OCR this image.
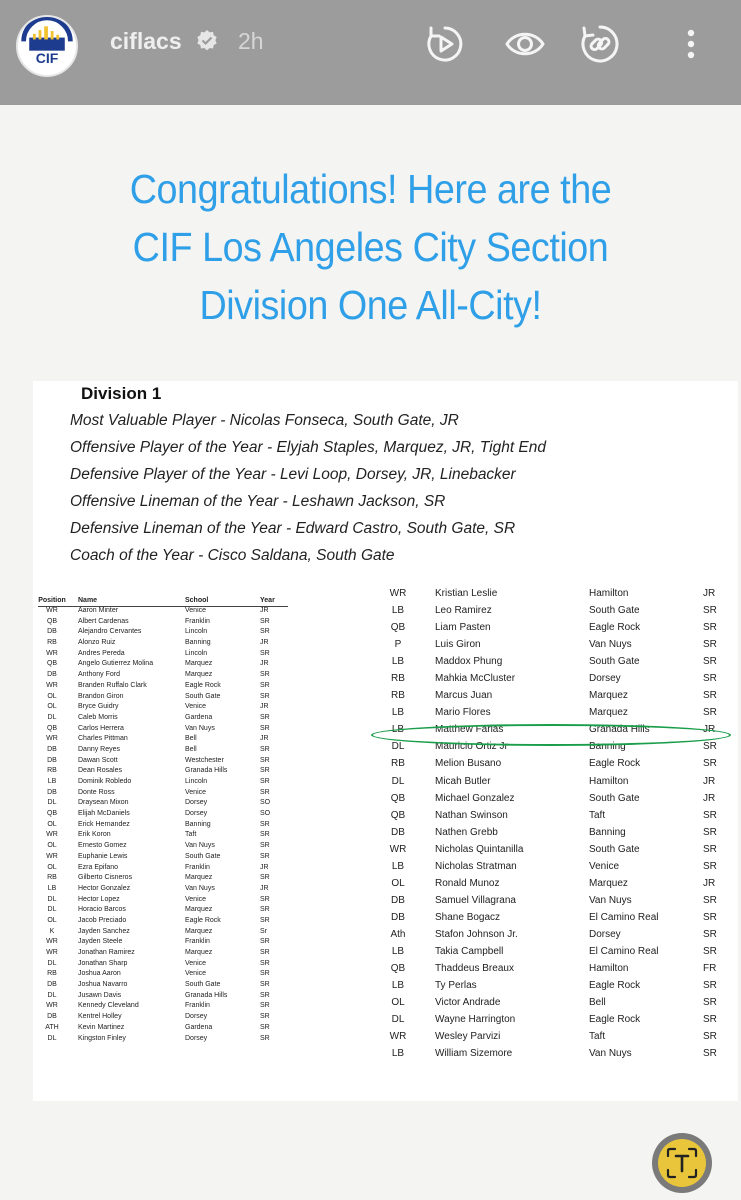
CIF
ciflacs 2h
Congratulations! Here are the
CIF Los Angeles City Section
Division One All-City!
Division 1
Most Valuable Player - Nicolas Fonseca, South Gate, JR
Offensive Player of the Year - Elyjah Staples, Marquez, JR, Tight End
Defensive Player of the Year - Levi Loop, Dorsey, JR, Linebacker
Offensive Lineman of the Year - Leshawn Jackson, SR
Defensive Lineman of the Year - Edward Castro, South Gate, SR
Coach of the Year - Cisco Saldana, South Gate
Position Name	School	Year
WR	Aaron Minter	Venice	JR
QB	Albert Cardenas	Franklin	SR
DB	Alejandro Cervantes	Lincoln	SR
RB	Alonzo Ruiz	Banning	JR
WR	Andres Pereda	Lincoln	SR
QB	Angelo Gutierrez Molina	Marquez	JR
DB	Anthony Ford	Marquez	SR
WR	Branden Ruffalo Clark	Eagle Rock	SR
OL	Brandon Giron	South Gate	SR
OL	Bryce Guidry	Venice	JR
DL	Caleb Morris	Gardena	SR
QB	Carlos Herrera	Van Nuys	SR
WR	Charles Pittman	Bell	JR
DB	Danny Reyes	Bell	SR
DB	Dawan Scott	Westchester	SR
RB	Dean Rosales	Granada Hills	SR
LB	Dominik Robledo	Lincoln	SR
DB	Donte Ross	Venice	SR
DL	Draysean Mixon	Dorsey	SO
QB	Elijah McDaniels	Dorsey	SO
OL	Erick Hernandez	Banning	SR
WR	Erik Koron	Taft	SR
OL	Ernesto Gomez	Van Nuys	SR
WR	Euphanie Lewis	South Gate	SR
OL	Ezra Epifano	Franklin	JR
RB	Gilberto Cisneros	Marquez	SR
LB	Hector Gonzalez	Van Nuys	JR
DL	Hector Lopez	Venice	SR
DL	Horacio Barcos	Marquez	SR
OL	Jacob Preciado	Eagle Rock	SR
K	Jayden Sanchez	Marquez	Sr
WR	Jayden Steele	Franklin	SR
WR	Jonathan Ramirez	Marquez	SR
DL	Jonathan Sharp	Venice	SR
RB	Joshua Aaron	Venice	SR
DB	Joshua Navarro	South Gate	SR
DL	Jusawn Davis	Granada Hills	SR
WR	Kennedy Cleveland	Franklin	SR
DB	Kentrel Holley	Dorsey	SR
ATH	Kevin Martinez	Gardena	SR
DL	Kingston Finley	Dorsey	SR
WR	Kristian Leslie	Hamilton	JR
LB	Leo Ramirez	South Gate	SR
QB	Liam Pasten	Eagle Rock	SR
P	Luis Giron	Van Nuys	SR
LB	Maddox Phung	South Gate	SR
RB	Mahkia McCluster	Dorsey	SR
RB	Marcus Juan	Marquez	SR
LB	Mario Flores	Marquez	SR
LB	Matthew Farias	Granada Hills	JR
DL	Mauricio Ortiz Jr	Banning	SR
RB	Melion Busano	Eagle Rock	SR
DL	Micah Butler	Hamilton	JR
QB	Michael Gonzalez	South Gate	JR
QB	Nathan Swinson	Taft	SR
DB	Nathen Grebb	Banning	SR
WR	Nicholas Quintanilla	South Gate	SR
LB	Nicholas Stratman	Venice	SR
OL	Ronald Munoz	Marquez	JR
DB	Samuel Villagrana	Van Nuys	SR
DB	Shane Bogacz	El Camino Real	SR
Ath	Stafon Johnson Jr.	Dorsey	SR
LB	Takia Campbell	El Camino Real	SR
QB	Thaddeus Breaux	Hamilton	FR
LB	Ty Perlas	Eagle Rock	SR
OL	Victor Andrade	Bell	SR
DL	Wayne Harrington	Eagle Rock	SR
WR	Wesley Parvizi	Taft	SR
LB	William Sizemore	Van Nuys	SR
